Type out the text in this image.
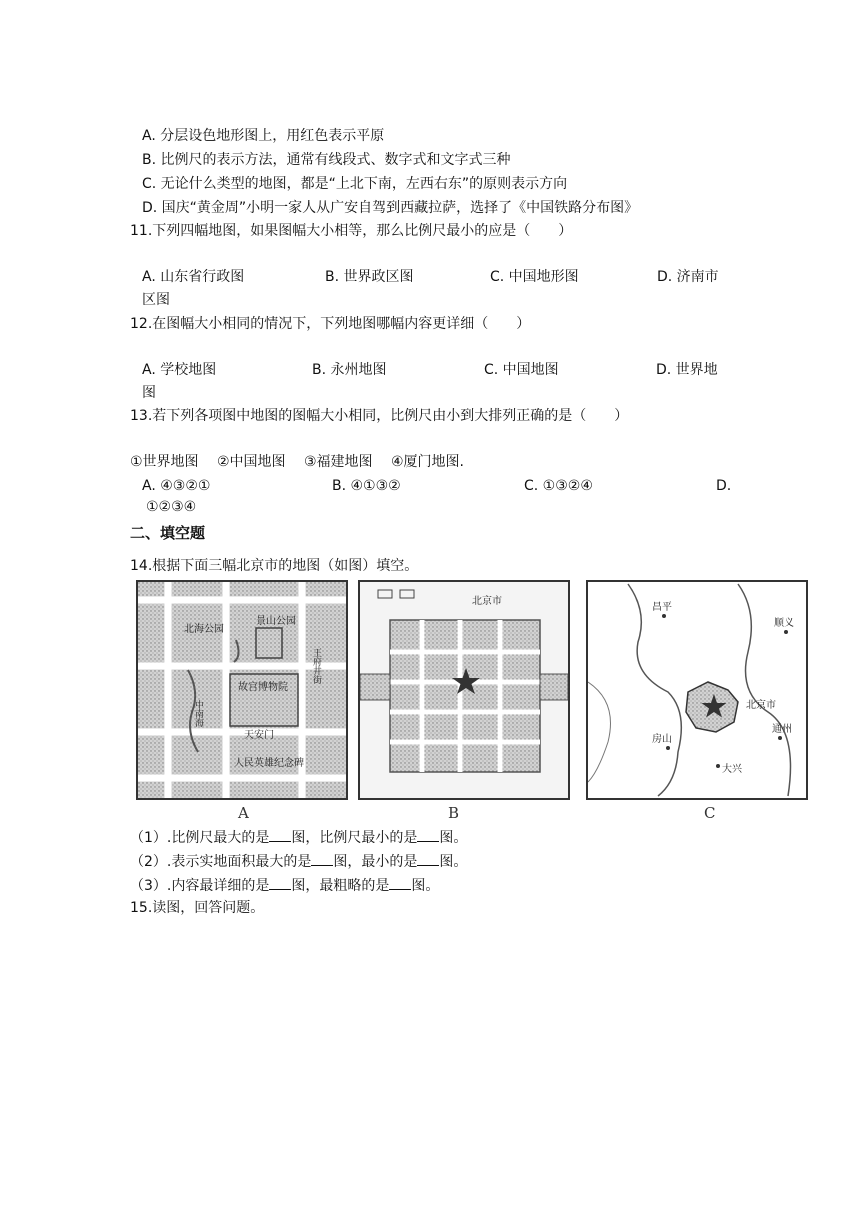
A. 分层设色地形图上，用红色表示平原
B. 比例尺的表示方法，通常有线段式、数字式和文字式三种
C. 无论什么类型的地图，都是“上北下南，左西右东”的原则表示方向
D. 国庆“黄金周”小明一家人从广安自驾到西藏拉萨，选择了《中国铁路分布图》
11.下列四幅地图，如果图幅大小相等，那么比例尺最小的应是（　　）
A. 山东省行政图	B. 世界政区图	C. 中国地形图	D. 济南市
区图
12.在图幅大小相同的情况下，下列地图哪幅内容更详细（　　）
A. 学校地图	B. 永州地图	C. 中国地图	D. 世界地
图
13.若下列各项图中地图的图幅大小相同，比例尺由小到大排列正确的是（　　）
①世界地图　 ②中国地图　 ③福建地图　 ④厦门地图.
A. ④③②①	B. ④①③②	C. ①③②④	D.
①②③④
二、填空题
14.根据下面三幅北京市的地图（如图）填空。
北海公园
景山公园
故宫博物院
天安门
人民英雄纪念碑
中南海
王府井街
A
北京市
B
昌平
顺义
北京市
通州
房山
大兴
C
（1）.比例尺最大的是 图，比例尺最小的是 图。
（2）.表示实地面积最大的是 图，最小的是 图。
（3）.内容最详细的是 图，最粗略的是 图。
15.读图，回答问题。
